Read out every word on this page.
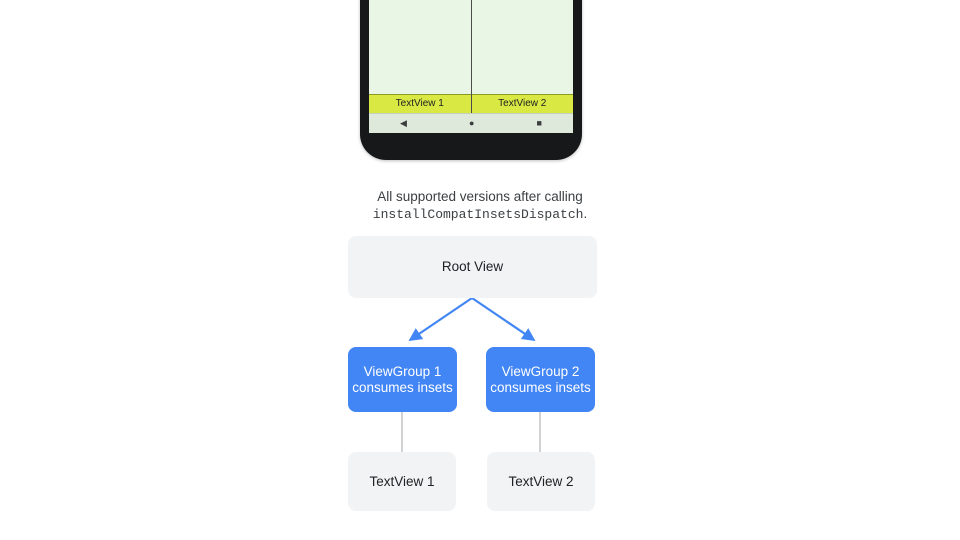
TextView 1	TextView 2
◀	●	■
All supported versions after calling
installCompatInsetsDispatch.
Root View
ViewGroup 1 consumes insets
ViewGroup 2 consumes insets
TextView 1	TextView 2
